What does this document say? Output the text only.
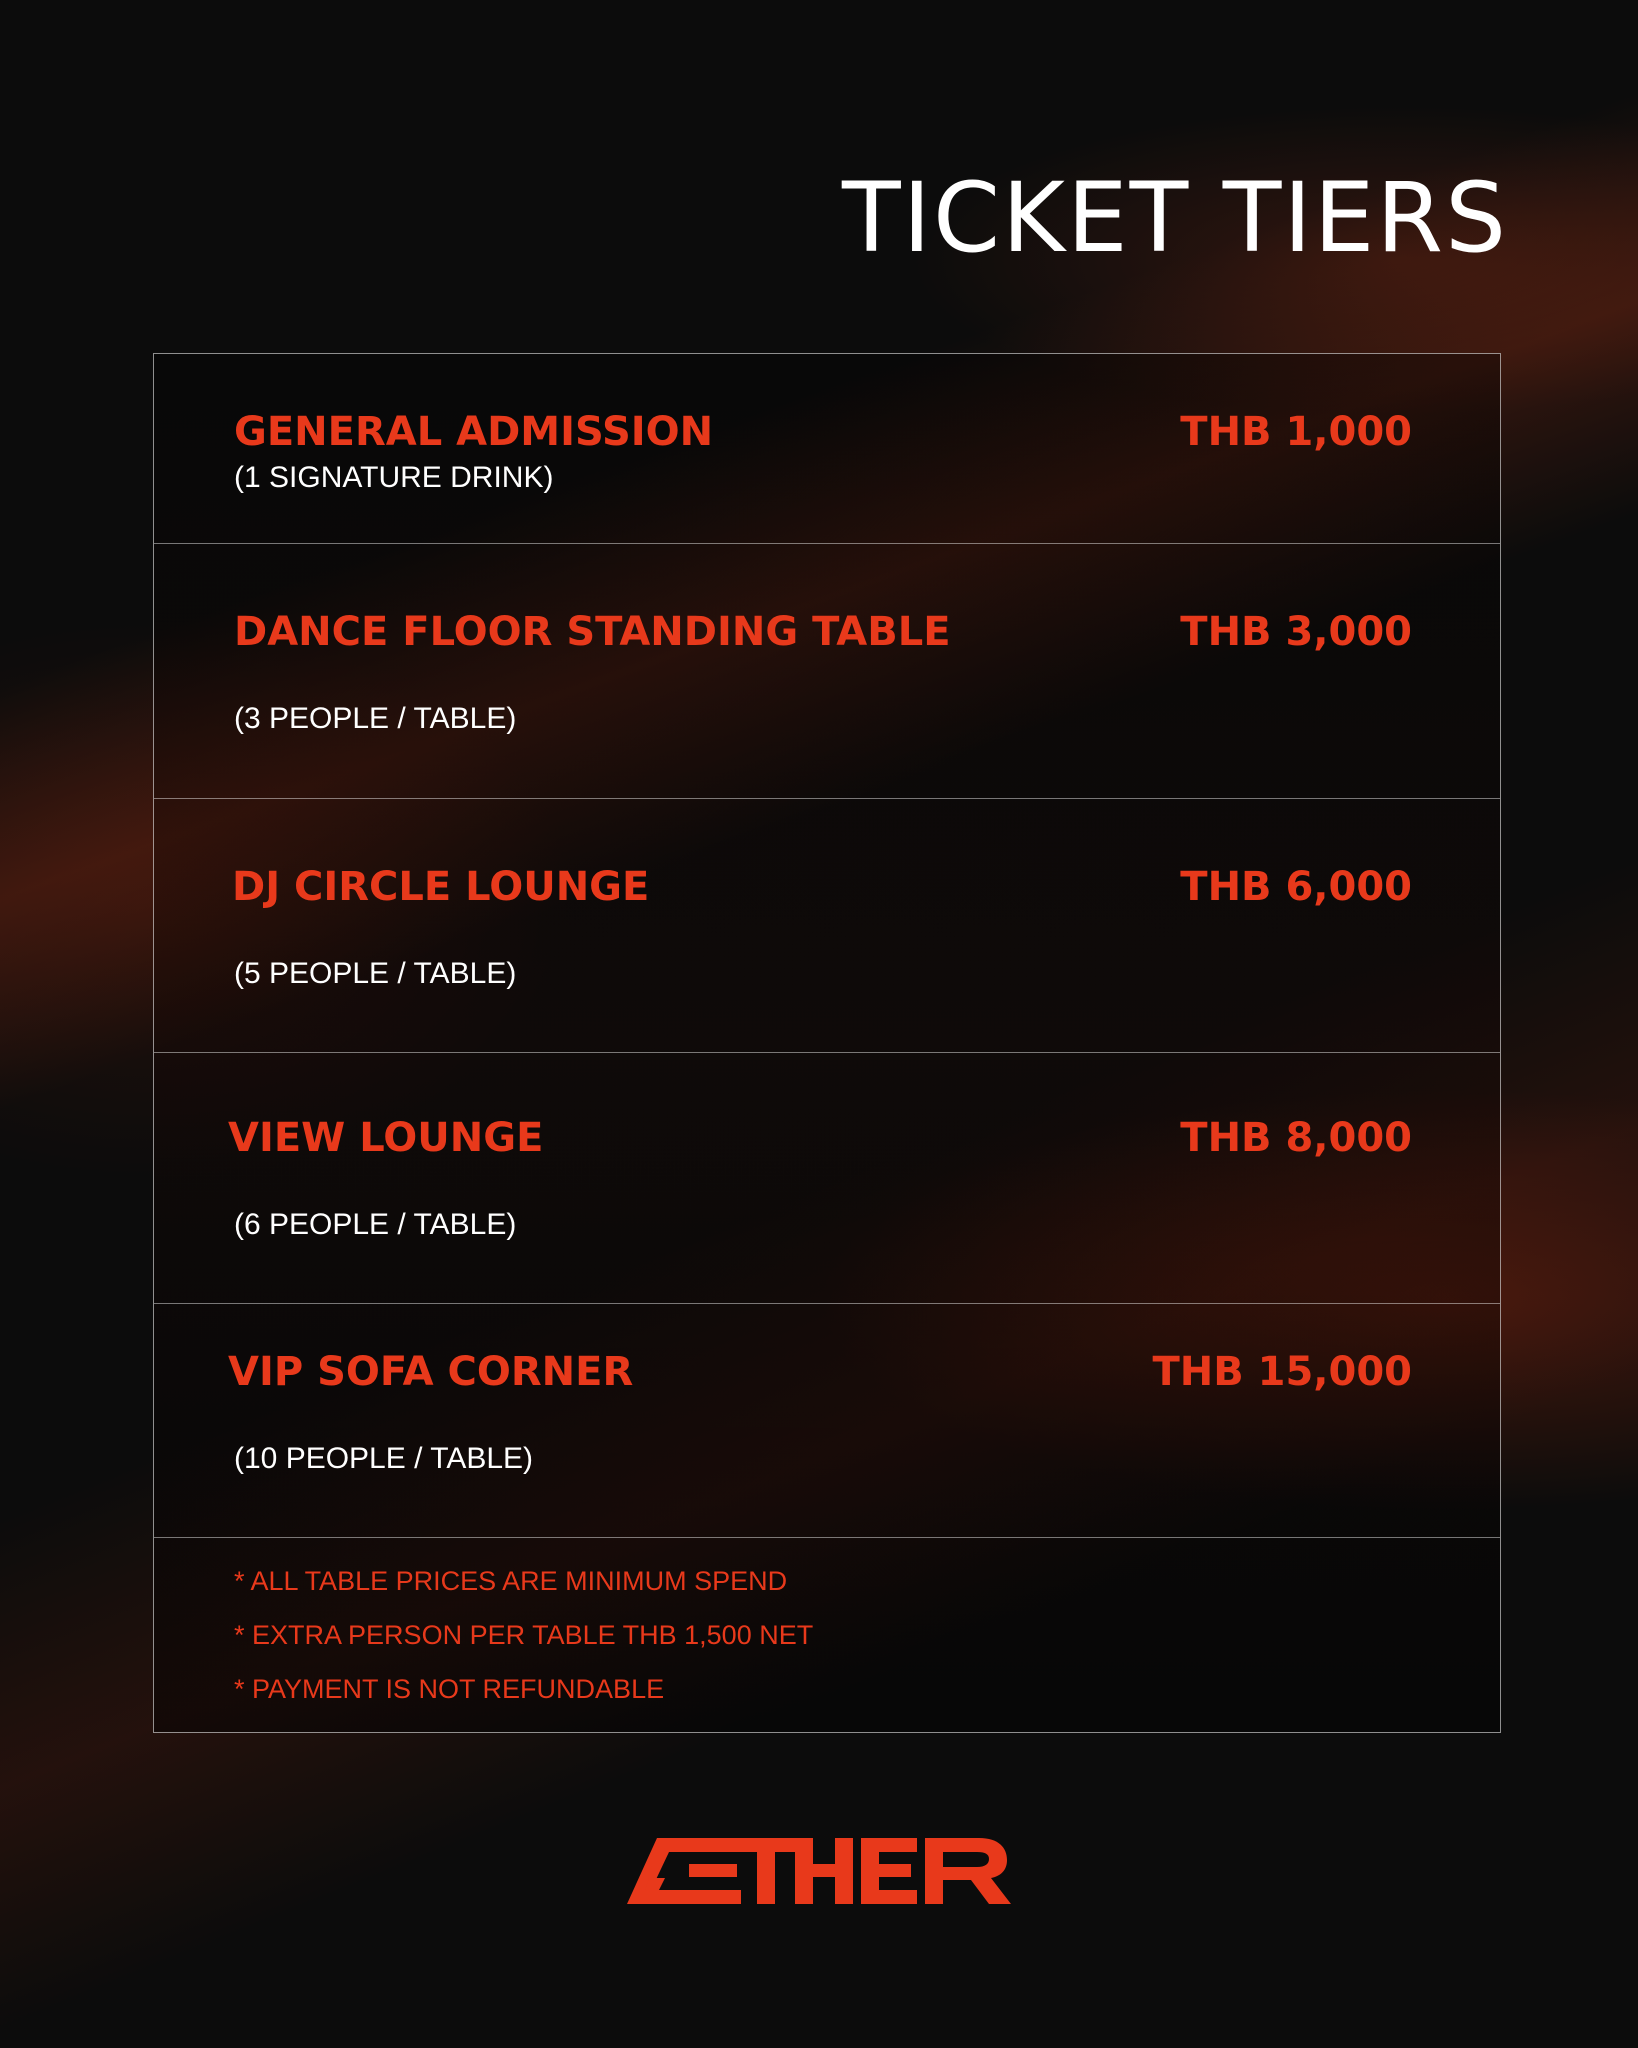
TICKET TIERS
GENERAL ADMISSION	THB 1,000
(1 SIGNATURE DRINK)
DANCE FLOOR STANDING TABLE	THB 3,000
(3 PEOPLE / TABLE)
DJ CIRCLE LOUNGE	THB 6,000
(5 PEOPLE / TABLE)
VIEW LOUNGE	THB 8,000
(6 PEOPLE / TABLE)
VIP SOFA CORNER	THB 15,000
(10 PEOPLE / TABLE)
* ALL TABLE PRICES ARE MINIMUM SPEND
* EXTRA PERSON PER TABLE THB 1,500 NET
* PAYMENT IS NOT REFUNDABLE
